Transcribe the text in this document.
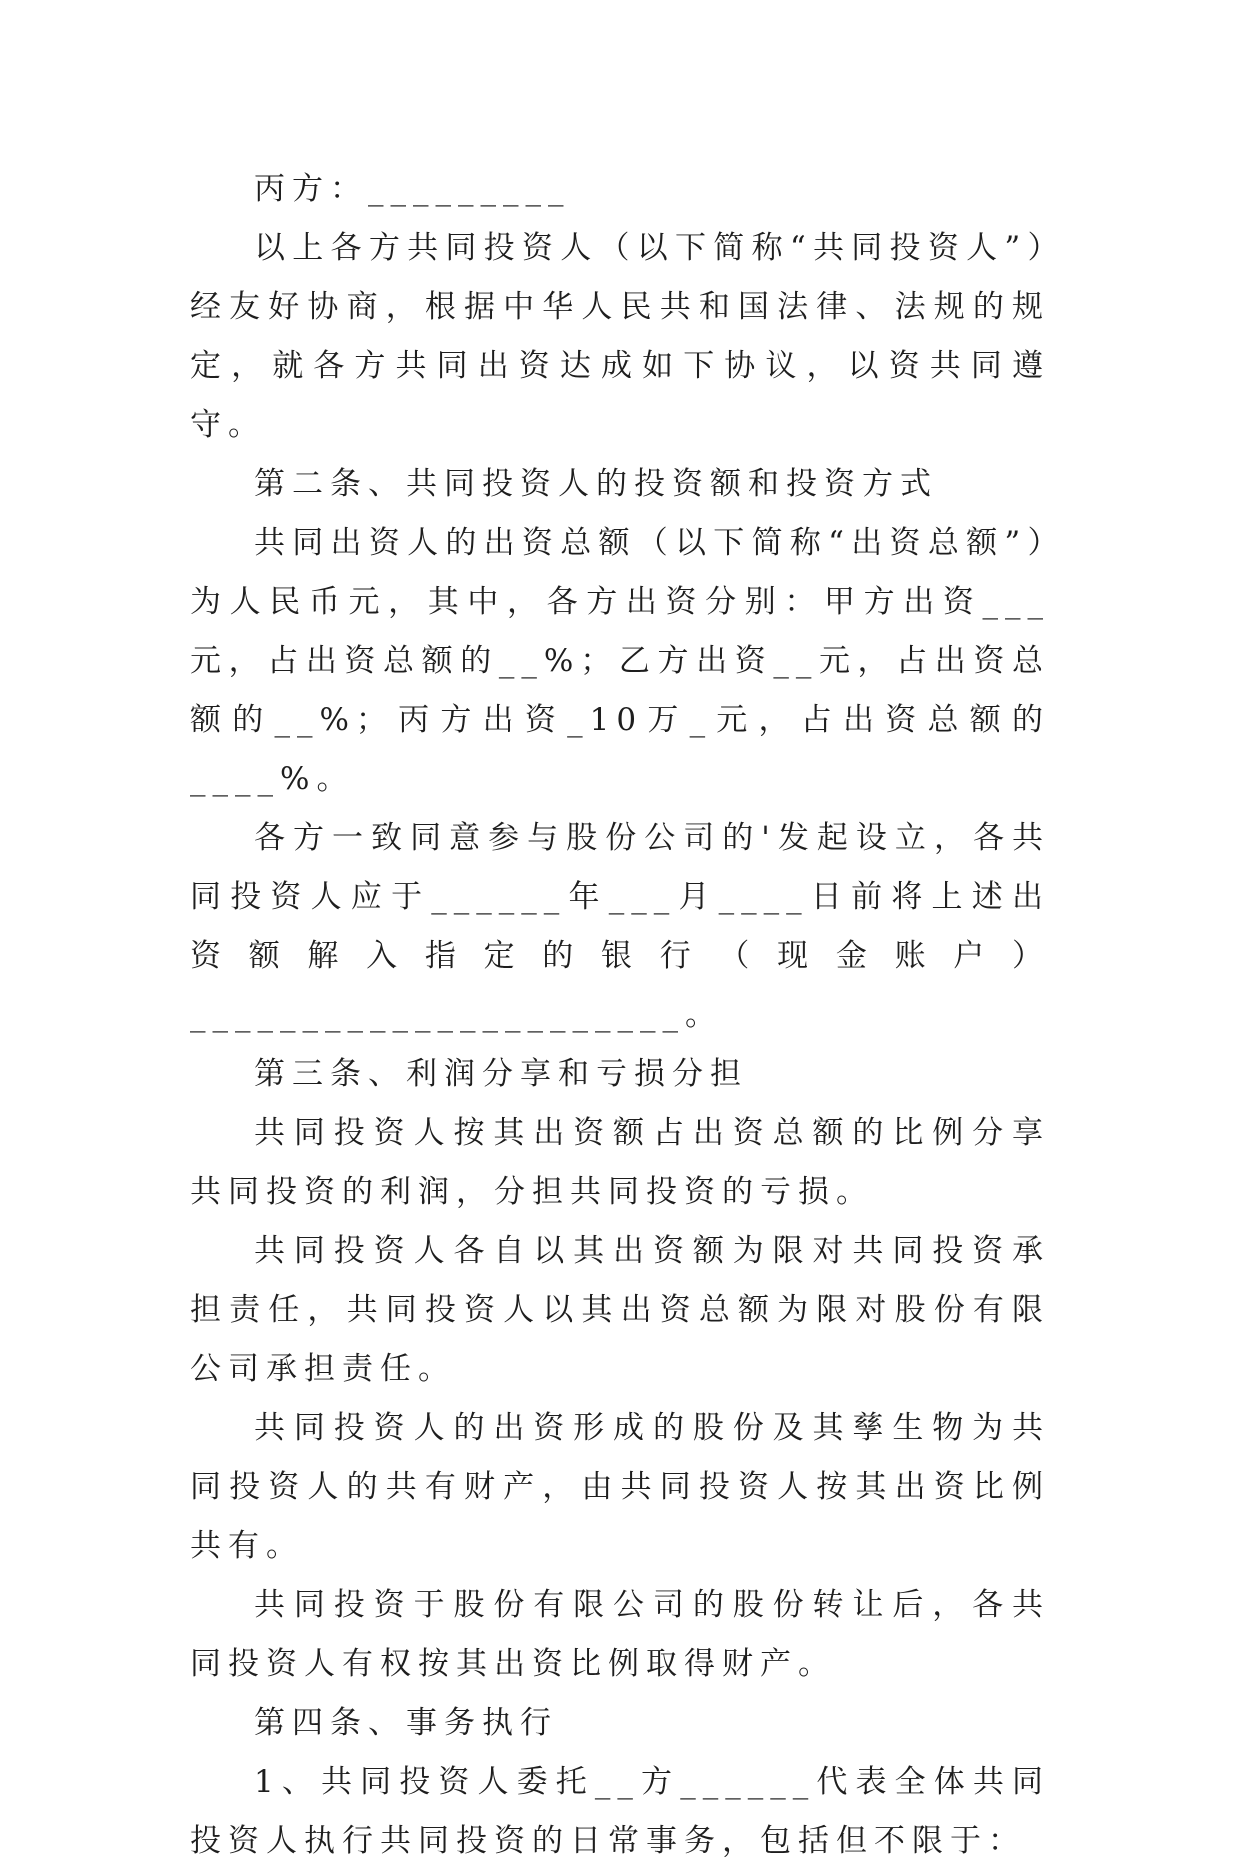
丙方：_________

以上各方共同投资人（以下简称“共同投资人”）经友好协商，根据中华人民共和国法律、法规的规定，就各方共同出资达成如下协议，以资共同遵守。

第二条、共同投资人的投资额和投资方式

共同出资人的出资总额（以下简称“出资总额”）为人民币元，其中，各方出资分别：甲方出资___元，占出资总额的__%；乙方出资__元，占出资总额的__%；丙方出资_10万_元，占出资总额的____%。

各方一致同意参与股份公司的'发起设立，各共同投资人应于______年___月____日前将上述出资额解入指定的银行（现金账户）______________________。

第三条、利润分享和亏损分担

共同投资人按其出资额占出资总额的比例分享共同投资的利润，分担共同投资的亏损。

共同投资人各自以其出资额为限对共同投资承担责任，共同投资人以其出资总额为限对股份有限公司承担责任。

共同投资人的出资形成的股份及其孳生物为共同投资人的共有财产，由共同投资人按其出资比例共有。

共同投资于股份有限公司的股份转让后，各共同投资人有权按其出资比例取得财产。

第四条、事务执行

1、共同投资人委托__方______代表全体共同投资人执行共同投资的日常事务，包括但不限于：
